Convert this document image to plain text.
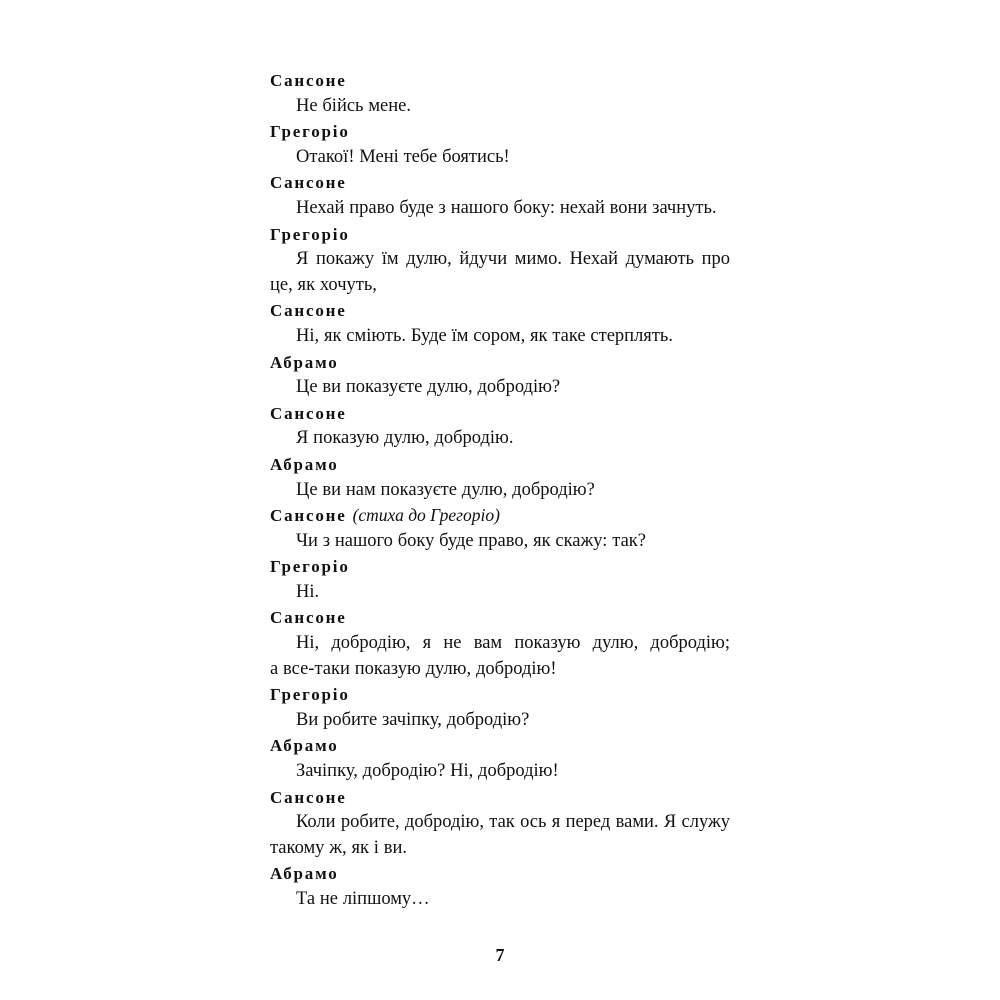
Сансоне
Не бійсь мене.
Грегоріо
Отакої! Мені тебе боятись!
Сансоне
Нехай право буде з нашого боку: нехай вони зачнуть.
Грегоріо
Я покажу їм дулю, йдучи мимо. Нехай думають про
це, як хочуть,
Сансоне
Ні, як сміють. Буде їм сором, як таке стерплять.
Абрамо
Це ви показуєте дулю, добродію?
Сансоне
Я показую дулю, добродію.
Абрамо
Це ви нам показуєте дулю, добродію?
Сансоне (стиха до Грегоріо)
Чи з нашого боку буде право, як скажу: так?
Грегоріо
Ні.
Сансоне
Ні, добродію, я не вам показую дулю, добродію;
а все-таки показую дулю, добродію!
Грегоріо
Ви робите зачіпку, добродію?
Абрамо
Зачіпку, добродію? Ні, добродію!
Сансоне
Коли робите, добродію, так ось я перед вами. Я служу
такому ж, як і ви.
Абрамо
Та не ліпшому…
7
